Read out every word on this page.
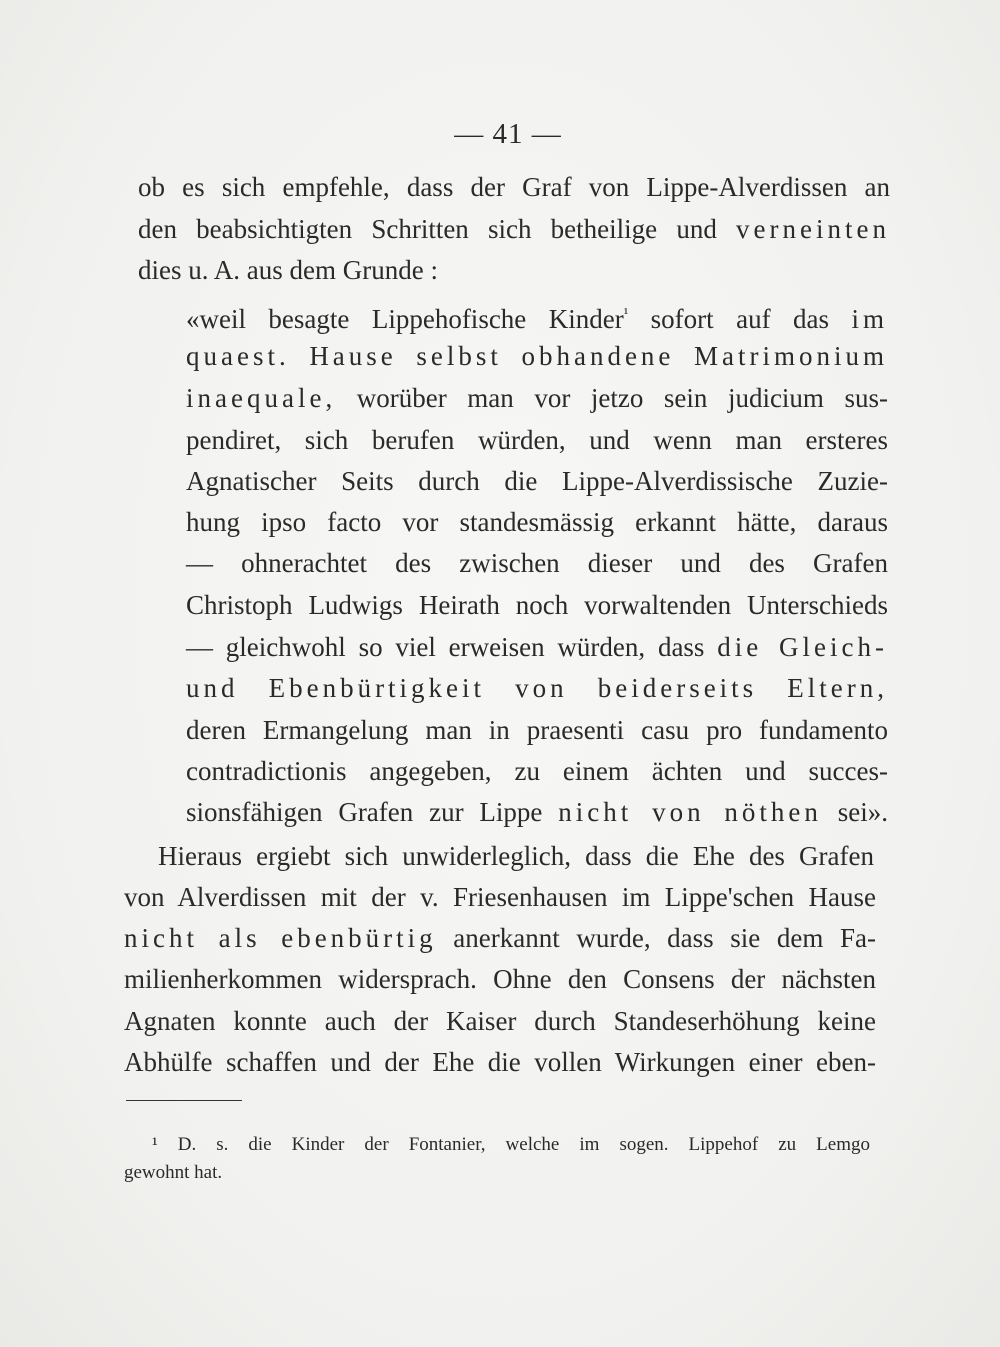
— 41 —
ob es sich empfehle, dass der Graf von Lippe-Alverdissen an
den beabsichtigten Schritten sich betheilige und verneinten
dies u. A. aus dem Grunde :
«weil besagte Lippehofische Kinder$^{^1}$ sofort auf das im
quaest. Hause selbst obhandene Matrimonium
inaequale, worüber man vor jetzo sein judicium sus-
pendiret, sich berufen würden, und wenn man ersteres
Agnatischer Seits durch die Lippe-Alverdissische Zuzie-
hung ipso facto vor standesmässig erkannt hätte, daraus
— ohnerachtet des zwischen dieser und des Grafen
Christoph Ludwigs Heirath noch vorwaltenden Unterschieds
— gleichwohl so viel erweisen würden, dass die Gleich-
und Ebenbürtigkeit von beiderseits Eltern,
deren Ermangelung man in praesenti casu pro fundamento
contradictionis angegeben, zu einem ächten und succes-
sionsfähigen Grafen zur Lippe nicht von nöthen sei».
Hieraus ergiebt sich unwiderleglich, dass die Ehe des Grafen
von Alverdissen mit der v. Friesenhausen im Lippe'schen Hause
nicht als ebenbürtig anerkannt wurde, dass sie dem Fa-
milienherkommen widersprach. Ohne den Consens der nächsten
Agnaten konnte auch der Kaiser durch Standeserhöhung keine
Abhülfe schaffen und der Ehe die vollen Wirkungen einer eben-
¹ D. s. die Kinder der Fontanier, welche im sogen. Lippehof zu Lemgo
gewohnt hat.
